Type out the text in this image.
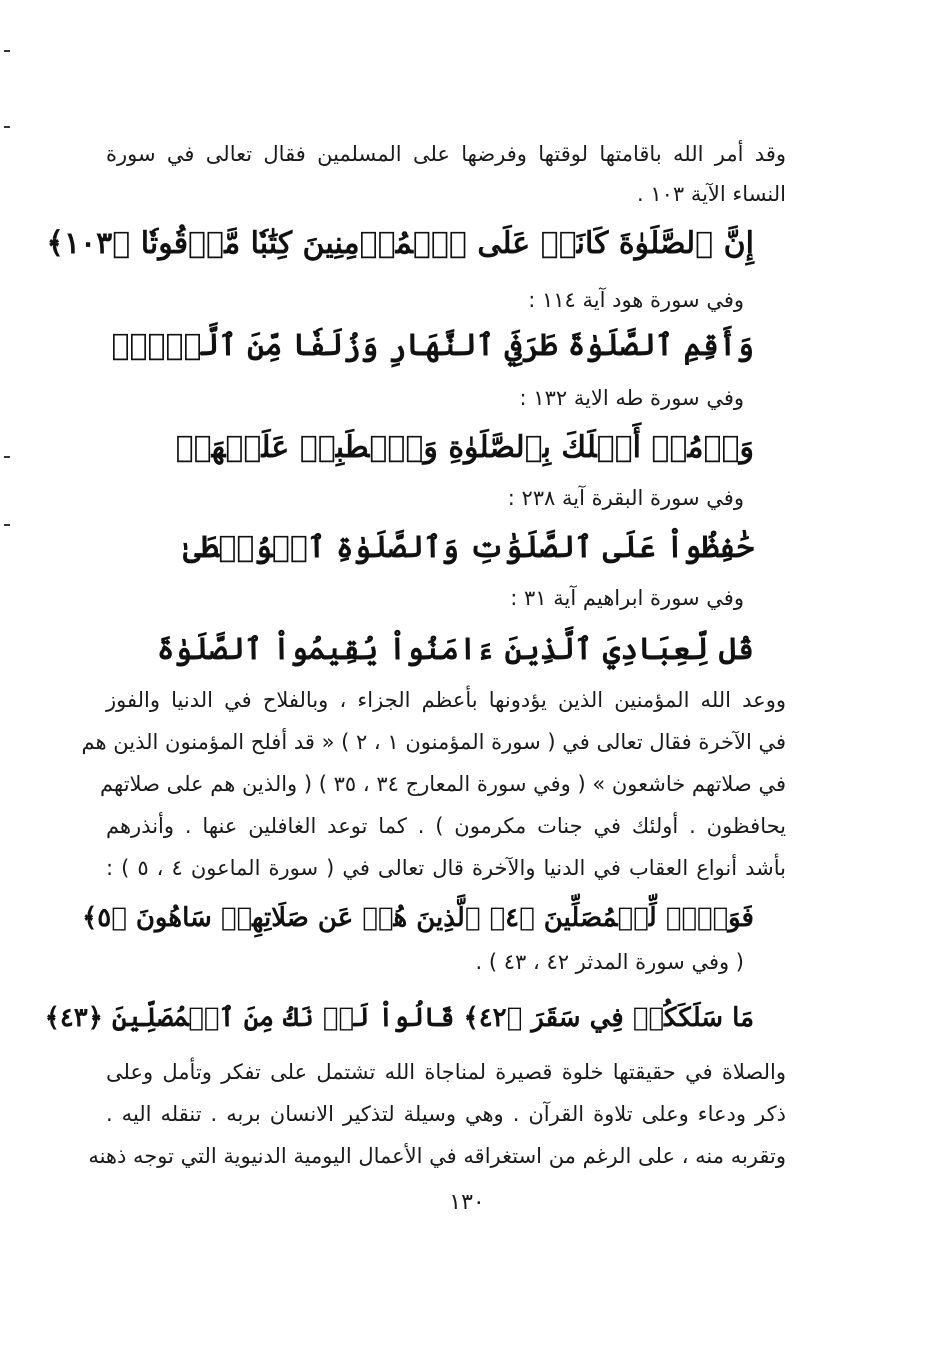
وقد أمر الله باقامتها لوقتها وفرضها على المسلمين فقال تعالى في سورة
النساء الآية ١٠٣ .
إِنَّ ٱلصَّلَوٰةَ كَانَتۡ عَلَى ٱلۡمُؤۡمِنِينَ كِتَٰبٗا مَّوۡقُوتٗا ﴿١٠٣﴾
وفي سورة هود آية ١١٤ :
وَأَقِمِ ٱلصَّلَوٰةَ طَرَفَيِ ٱلنَّهَارِ وَزُلَفٗا مِّنَ ٱلَّيۡلِۚ
وفي سورة طه الاية ١٣٢ :
وَأۡمُرۡ أَهۡلَكَ بِٱلصَّلَوٰةِ وَٱصۡطَبِرۡ عَلَيۡهَاۖ
وفي سورة البقرة آية ٢٣٨ :
حَٰفِظُواْ عَلَى ٱلصَّلَوَٰتِ وَٱلصَّلَوٰةِ ٱلۡوُسۡطَىٰ
وفي سورة ابراهيم آية ٣١ :
قُل لِّعِبَادِيَ ٱلَّذِينَ ءَامَنُواْ يُقِيمُواْ ٱلصَّلَوٰةَ
ووعد الله المؤمنين الذين يؤدونها بأعظم الجزاء ، وبالفلاح في الدنيا والفوز
في الآخرة فقال تعالى في ( سورة المؤمنون ١ ، ٢ ) « قد أفلح المؤمنون الذين هم
في صلاتهم خاشعون » ( وفي سورة المعارج ٣٤ ، ٣٥ ) ( والذين هم على صلاتهم
يحافظون . أولئك في جنات مكرمون ) . كما توعد الغافلين عنها . وأنذرهم
بأشد أنواع العقاب في الدنيا والآخرة قال تعالى في ( سورة الماعون ٤ ، ٥ ) :
فَوَيۡلٞ لِّلۡمُصَلِّينَ ﴿٤﴾ ٱلَّذِينَ هُمۡ عَن صَلَاتِهِمۡ سَاهُونَ ﴿٥﴾
( وفي سورة المدثر ٤٢ ، ٤٣ ) .
مَا سَلَكَكُمۡ فِي سَقَرَ ﴿٤٢﴾ قَالُواْ لَمۡ نَكُ مِنَ ٱلۡمُصَلِّينَ ﴿٤٣﴾
والصلاة في حقيقتها خلوة قصيرة لمناجاة الله تشتمل على تفكر وتأمل وعلى
ذكر ودعاء وعلى تلاوة القرآن . وهي وسيلة لتذكير الانسان بربه . تنقله اليه .
وتقربه منه ، على الرغم من استغراقه في الأعمال اليومية الدنيوية التي توجه ذهنه
١٣٠
